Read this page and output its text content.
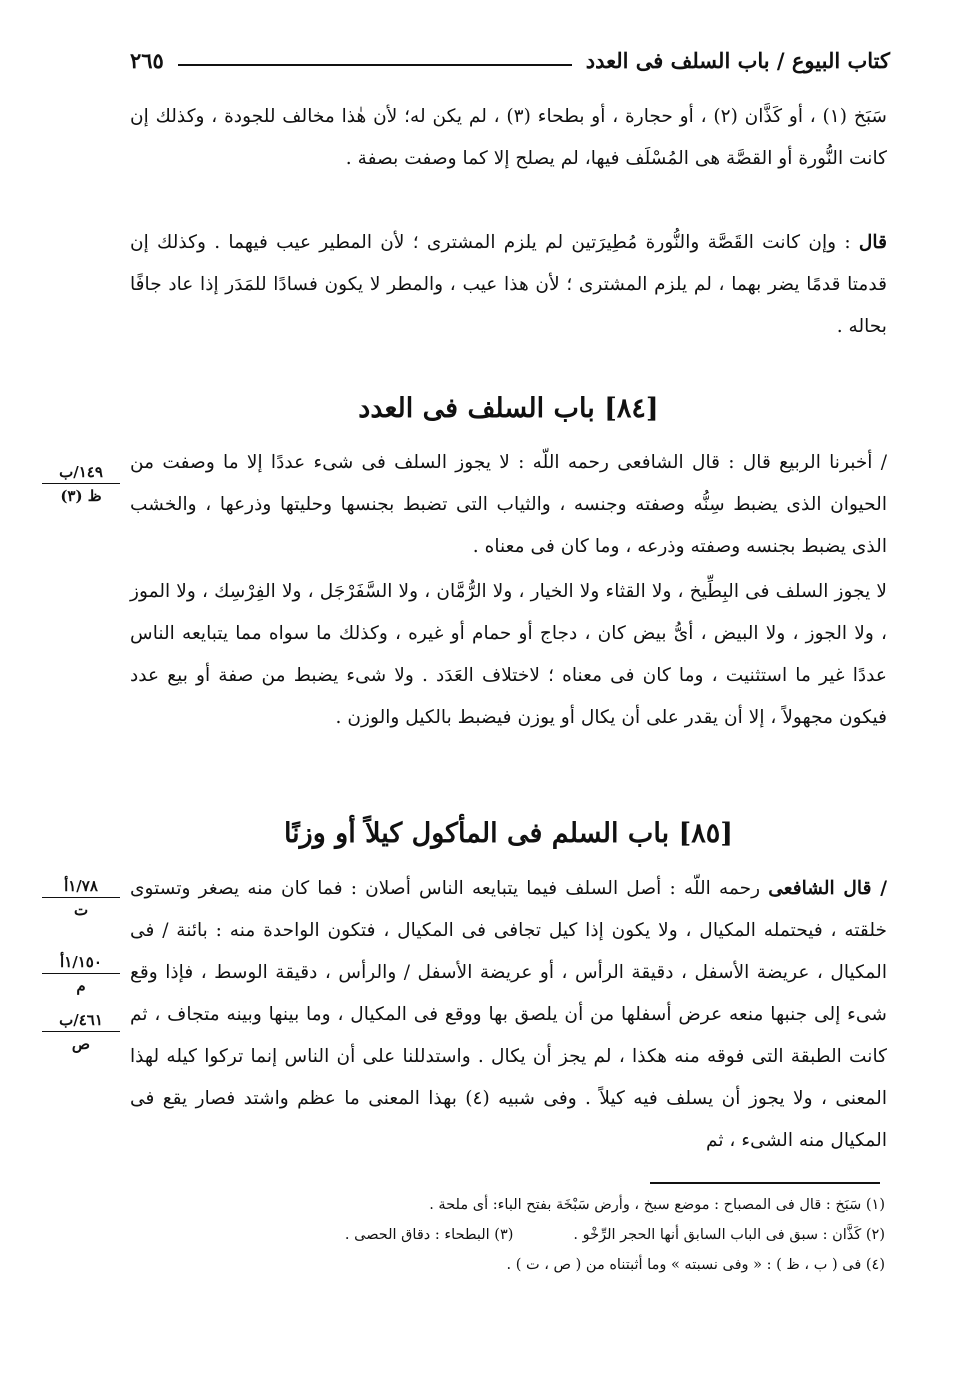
كتاب البيوع / باب السلف فى العدد
٢٦٥

سَبَخ (١) ، أو كَذَّان (٢) ، أو حجارة ، أو بطحاء (٣) ، لم يكن له؛ لأن هٰذا مخالف للجودة ، وكذلك إن كانت النُّورة أو القصَّة هى المُسْلَف فيها، لم يصلح إلا كما وصفت بصفة .

قال : وإن كانت القَصَّة والنُّورة مُطِيرَتين لم يلزم المشترى ؛ لأن المطير عيب فيهما . وكذلك إن قدمتا قدمًا يضر بهما ، لم يلزم المشترى ؛ لأن هذا عيب ، والمطر لا يكون فسادًا للمَدَر إذا عاد جافًا بحاله .

[٨٤] باب السلف فى العدد
١٤٩/ب
ظ (٣)

/ أخبرنا الربيع قال : قال الشافعى رحمه اللّه : لا يجوز السلف فى شىء عددًا إلا ما وصفت من الحيوان الذى يضبط سِنُّه وصفته وجنسه ، والثياب التى تضبط بجنسها وحليتها وذرعها ، والخشب الذى يضبط بجنسه وصفته وذرعه ، وما كان فى معناه .

لا يجوز السلف فى البِطِّيخ ، ولا القثاء ولا الخيار ، ولا الرُّمَّان ، ولا السَّفَرْجَل ، ولا الفِرْسِك ، ولا الموز ، ولا الجوز ، ولا البيض ، أىُّ بيض كان ، دجاج أو حمام أو غيره ، وكذلك ما سواه مما يتبايعه الناس عددًا غير ما استثنيت ، وما كان فى معناه ؛ لاختلاف العَدَد . ولا شىء يضبط من صفة أو بيع عدد فيكون مجهولاً ، إلا أن يقدر على أن يكال أو يوزن فيضبط بالكيل والوزن .

[٨٥] باب السلم فى المأكول كيلاً أو وزنًا
١/٧٨أ
ت
١/١٥٠أ
م
٤٦١/ب
ص

/ قال الشافعى رحمه اللّه : أصل السلف فيما يتبايعه الناس أصلان : فما كان منه يصغر وتستوى خلقته ، فيحتمله المكيال ، ولا يكون إذا كيل تجافى فى المكيال ، فتكون الواحدة منه : بائنة / فى المكيال ، عريضة الأسفل ، دقيقة الرأس ، أو عريضة الأسفل / والرأس ، دقيقة الوسط ، فإذا وقع شىء إلى جنبها منعه عرض أسفلها من أن يلصق بها ووقع فى المكيال ، وما بينها وبينه متجاف ، ثم كانت الطبقة التى فوقه منه هكذا ، لم يجز أن يكال . واستدللنا على أن الناس إنما تركوا كيله لهذا المعنى ، ولا يجوز أن يسلف فيه كيلاً . وفى شبيه (٤) بهذا المعنى ما عظم واشتد فصار يقع فى المكيال منه الشىء ، ثم

(١) سَبَخ : قال فى المصباح : موضع سبخ ، وأرض سَبْخَة بفتح الباء: أى ملحة .
(٢) كَذَّان : سبق فى الباب السابق أنها الحجر الرِّخْو .
(٣) البطحاء : دقاق الحصى .
(٤) فى ( ب ، ظ ) : « وفى نسبته » وما أثبتناه من ( ص ، ت ) .
